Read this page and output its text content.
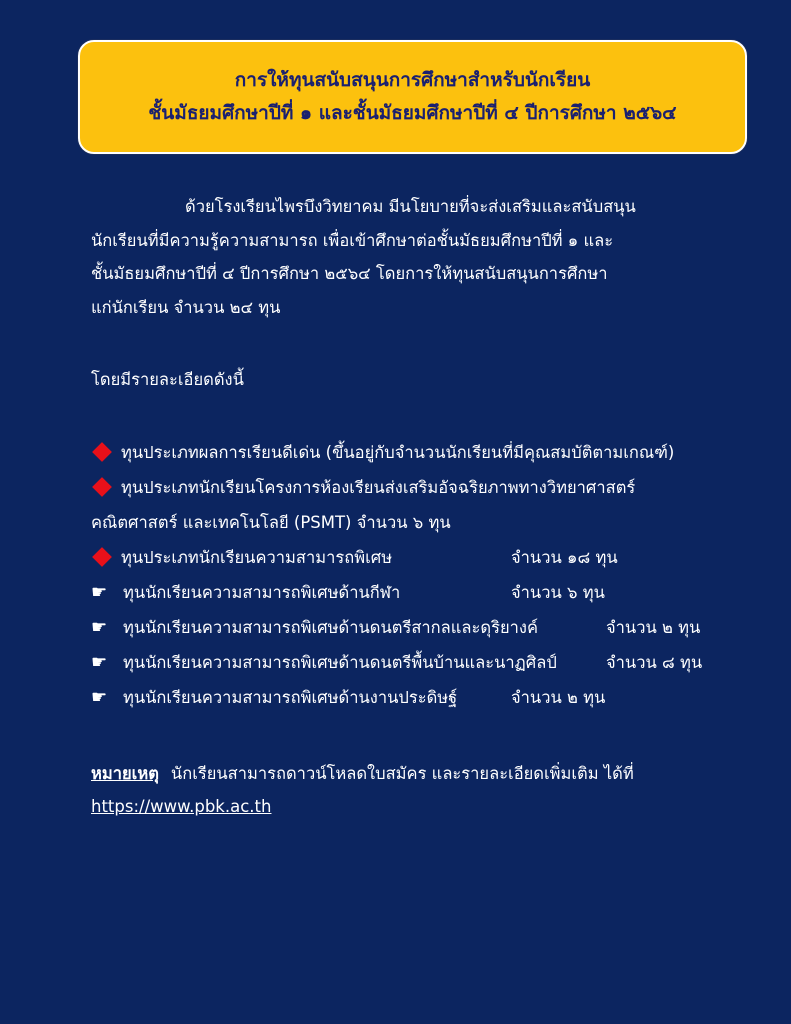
การให้ทุนสนับสนุนการศึกษาสำหรับนักเรียน
ชั้นมัธยมศึกษาปีที่ ๑ และชั้นมัธยมศึกษาปีที่ ๔ ปีการศึกษา ๒๕๖๔
ด้วยโรงเรียนไพรบึงวิทยาคม มีนโยบายที่จะส่งเสริมและสนับสนุน
นักเรียนที่มีความรู้ความสามารถ เพื่อเข้าศึกษาต่อชั้นมัธยมศึกษาปีที่ ๑ และ
ชั้นมัธยมศึกษาปีที่ ๔ ปีการศึกษา ๒๕๖๔ โดยการให้ทุนสนับสนุนการศึกษา
แก่นักเรียน จำนวน ๒๔ ทุน
โดยมีรายละเอียดดังนี้
ทุนประเภทผลการเรียนดีเด่น (ขึ้นอยู่กับจำนวนนักเรียนที่มีคุณสมบัติตามเกณฑ์)
ทุนประเภทนักเรียนโครงการห้องเรียนส่งเสริมอัจฉริยภาพทางวิทยาศาสตร์
คณิตศาสตร์ และเทคโนโลยี (PSMT) จำนวน ๖ ทุน
ทุนประเภทนักเรียนความสามารถพิเศษ	จำนวน ๑๘ ทุน
☛ ทุนนักเรียนความสามารถพิเศษด้านกีฬา	จำนวน ๖ ทุน
☛ ทุนนักเรียนความสามารถพิเศษด้านดนตรีสากลและดุริยางค์	จำนวน ๒ ทุน
☛ ทุนนักเรียนความสามารถพิเศษด้านดนตรีพื้นบ้านและนาฏศิลป์	จำนวน ๘ ทุน
☛ ทุนนักเรียนความสามารถพิเศษด้านงานประดิษฐ์	จำนวน ๒ ทุน
หมายเหตุ นักเรียนสามารถดาวน์โหลดใบสมัคร และรายละเอียดเพิ่มเติม ได้ที่
https://www.pbk.ac.th
